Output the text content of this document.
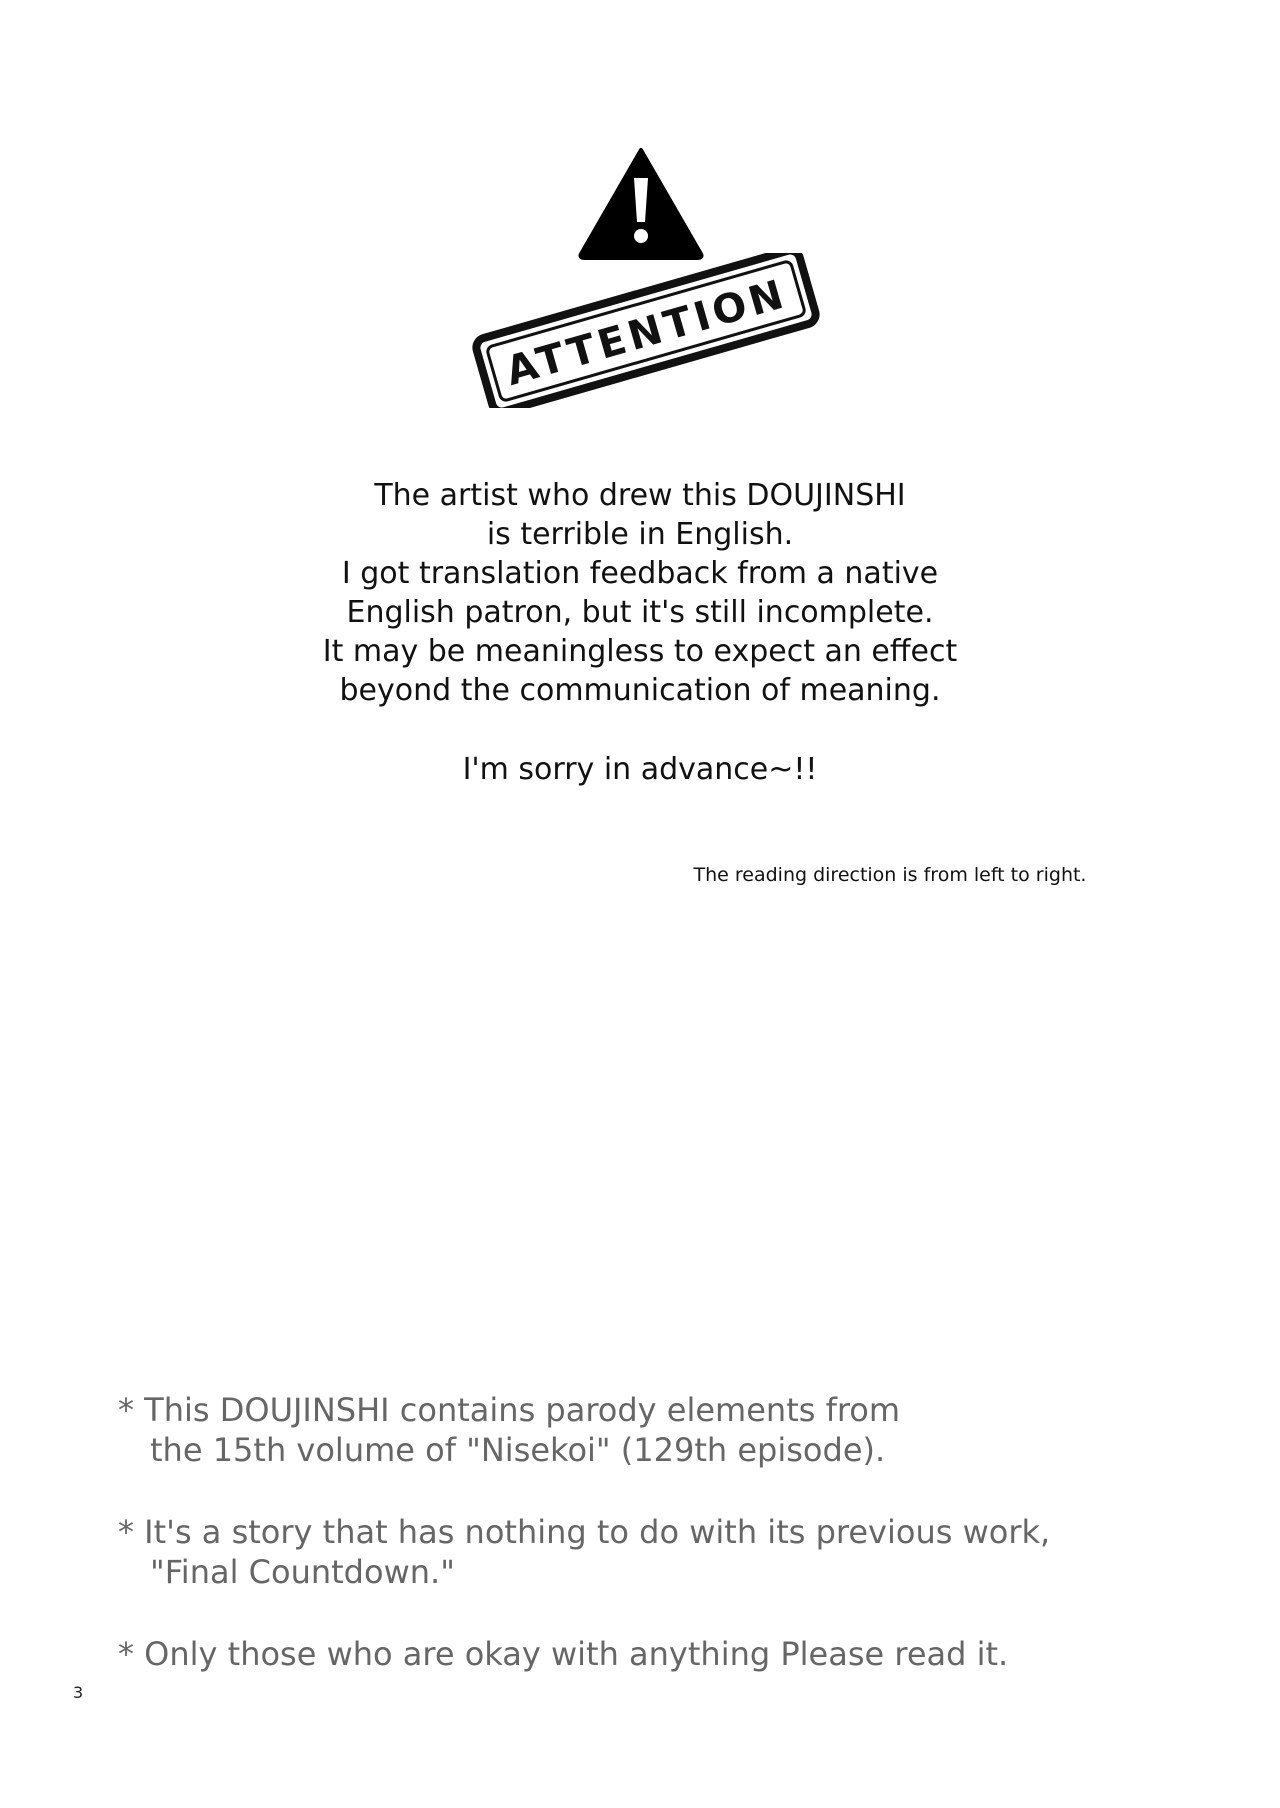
ATTENTION
The artist who drew this DOUJINSHI
is terrible in English.
I got translation feedback from a native
English patron, but it's still incomplete.
It may be meaningless to expect an effect
beyond the communication of meaning.
I'm sorry in advance~!!
The reading direction is from left to right.
* This DOUJINSHI contains parody elements from
the 15th volume of "Nisekoi" (129th episode).
* It's a story that has nothing to do with its previous work,
"Final Countdown."
* Only those who are okay with anything Please read it.
3
